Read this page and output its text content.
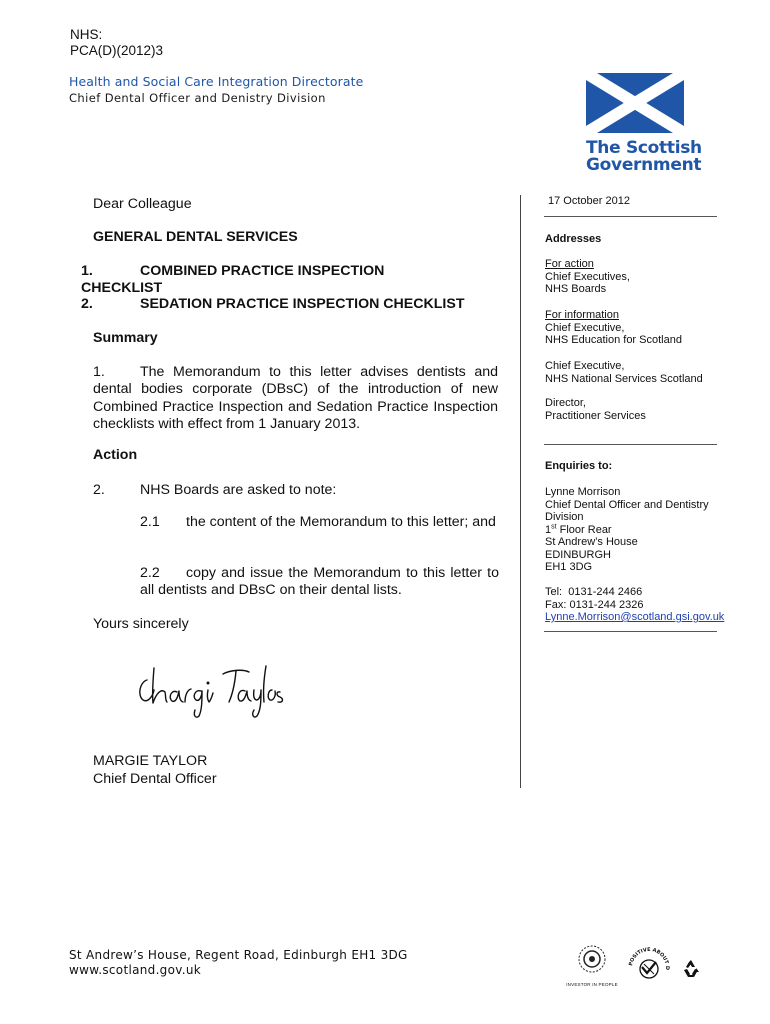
NHS:
PCA(D)(2012)3
Health and Social Care Integration Directorate
Chief Dental Officer and Denistry Division
The Scottish
Government
Dear Colleague
GENERAL DENTAL SERVICES
1.	COMBINED PRACTICE INSPECTION
CHECKLIST
2.	SEDATION PRACTICE INSPECTION CHECKLIST
Summary
1. The Memorandum to this letter advises dentists and dental bodies corporate (DBsC) of the introduction of new Combined Practice Inspection and Sedation Practice Inspection checklists with effect from 1 January 2013.
Action
2. NHS Boards are asked to note:
2.1 the content of the Memorandum to this letter; and
2.2 copy and issue the Memorandum to this letter to all dentists and DBsC on their dental lists.
Yours sincerely
MARGIE TAYLOR
Chief Dental Officer
17 October 2012
Addresses
For action
Chief Executives,
NHS Boards
For information
Chief Executive,
NHS Education for Scotland
Chief Executive,
NHS National Services Scotland
Director,
Practitioner Services
Enquiries to:
Lynne Morrison
Chief Dental Officer and Dentistry
Division
1st Floor Rear
St Andrew’s House
EDINBURGH
EH1 3DG
Tel:  0131-244 2466
Fax: 0131-244 2326
Lynne.Morrison@scotland.gsi.gov.uk
St Andrew’s House, Regent Road, Edinburgh EH1 3DG
www.scotland.gov.uk
INVESTOR IN PEOPLE
POSITIVE ABOUT D
